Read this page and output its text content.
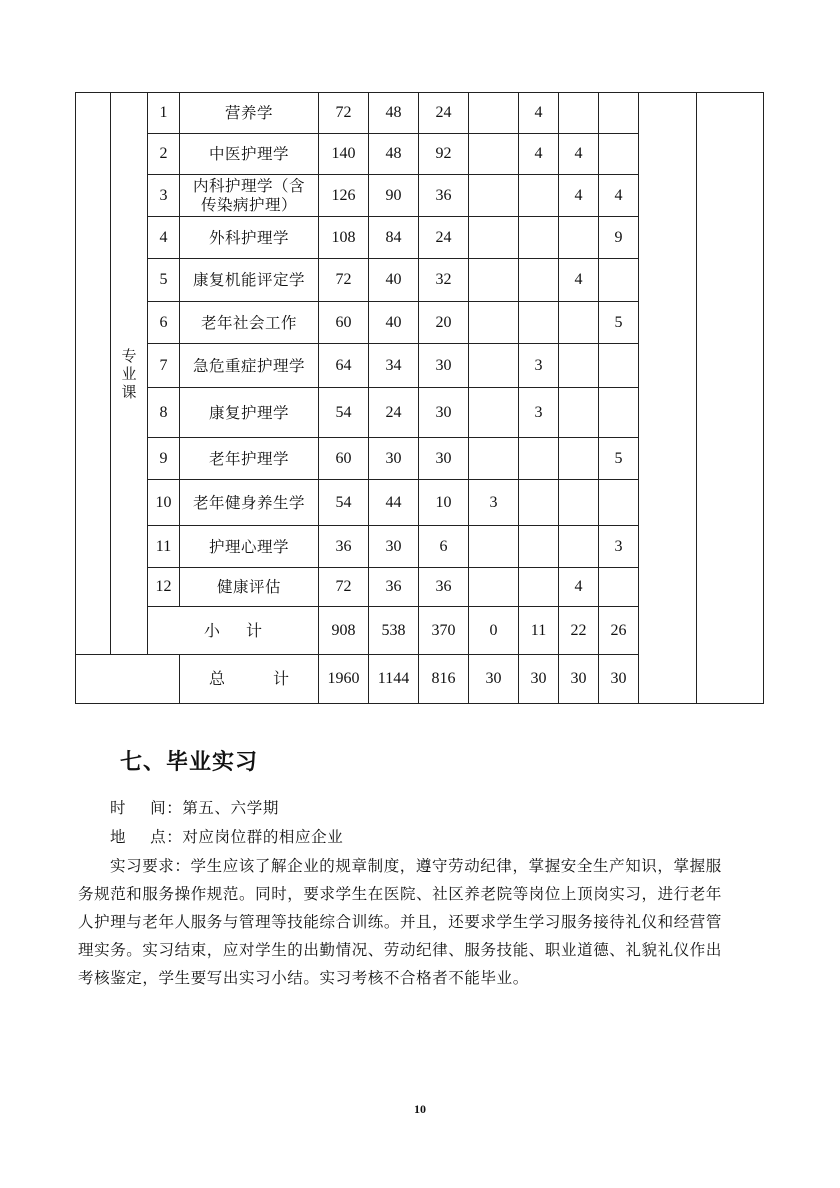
	专
业
课	1	营养学	72	48	24		4				
		2	中医护理学	140	48	92		4	4			
		3	内科护理学（含传染病护理）	126	90	36			4	4		
		4	外科护理学	108	84	24				9		
		5	康复机能评定学	72	40	32			4			
		6	老年社会工作	60	40	20				5		
		7	急危重症护理学	64	34	30		3				
		8	康复护理学	54	24	30		3				
		9	老年护理学	60	30	30				5		
		10	老年健身养生学	54	44	10	3					
		11	护理心理学	36	30	6				3		
		12	健康评估	72	36	36			4			
		小 计		908	538	370	0	11	22	26		
			总 计	1960	1144	816	30	30	30	30		
七、毕业实习

时 间：第五、六学期

地 点：对应岗位群的相应企业

实习要求：学生应该了解企业的规章制度，遵守劳动纪律，掌握安全生产知识，掌握服

务规范和服务操作规范。同时，要求学生在医院、社区养老院等岗位上顶岗实习，进行老年

人护理与老年人服务与管理等技能综合训练。并且，还要求学生学习服务接待礼仪和经营管

理实务。实习结束，应对学生的出勤情况、劳动纪律、服务技能、职业道德、礼貌礼仪作出

考核鉴定，学生要写出实习小结。实习考核不合格者不能毕业。

10
